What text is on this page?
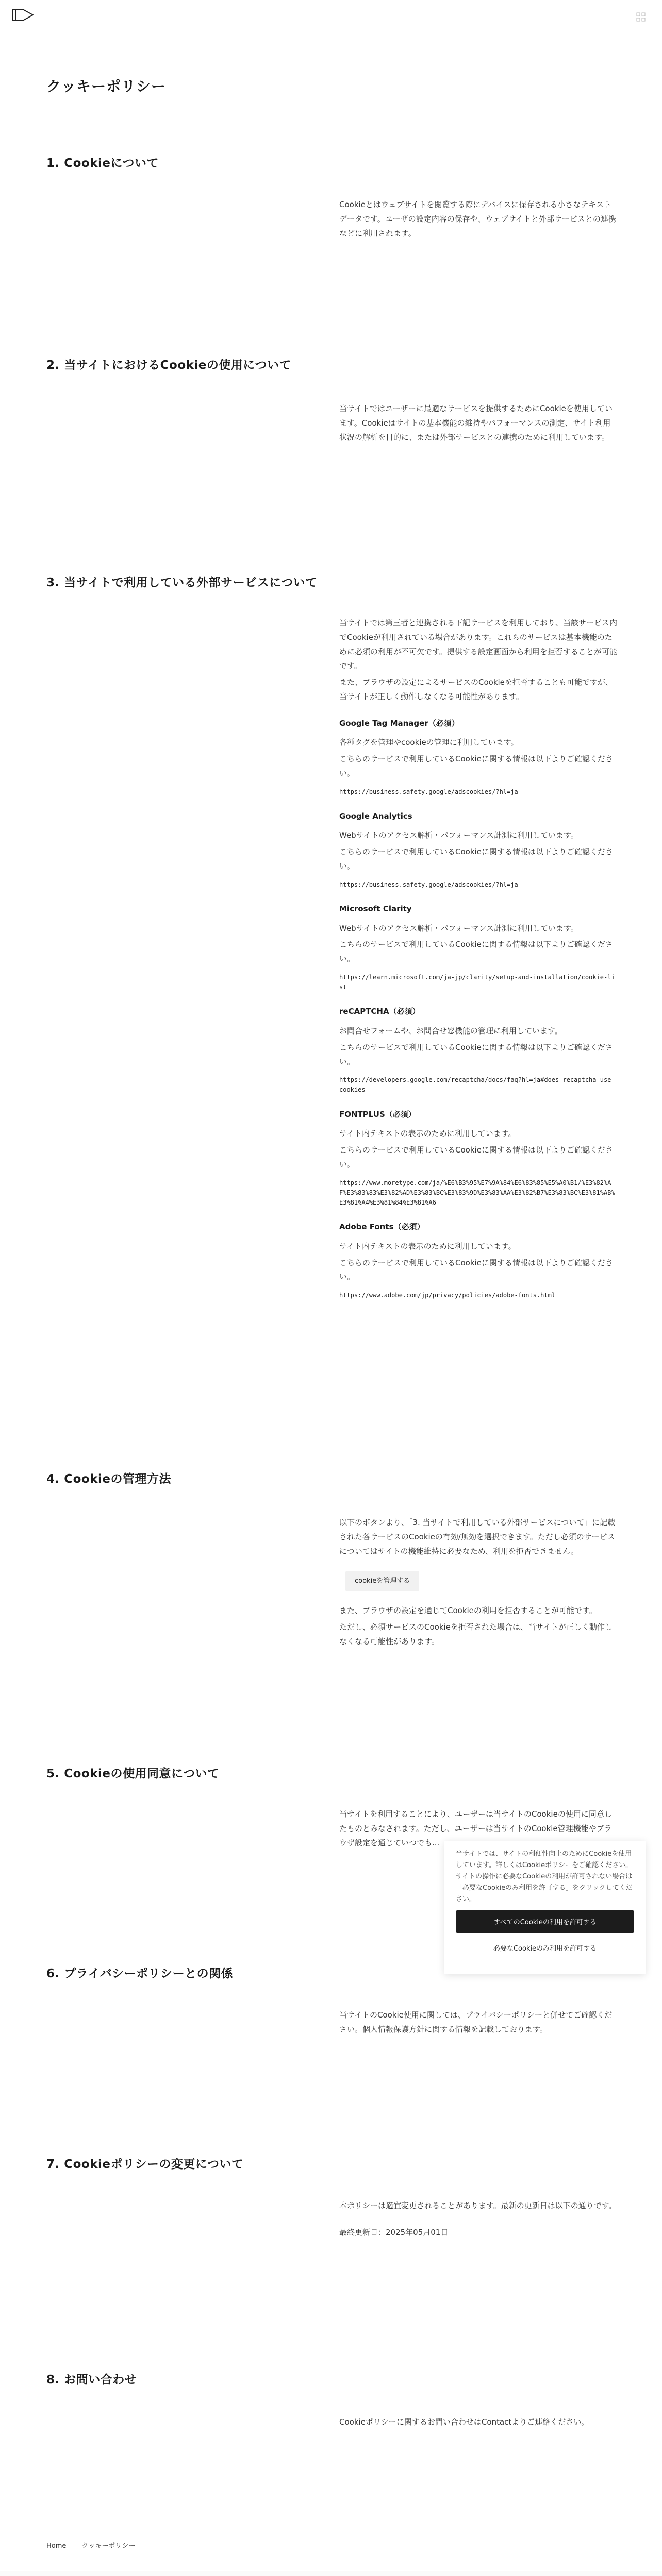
クッキーポリシー
1. Cookieについて

Cookieとはウェブサイトを閲覧する際にデバイスに保存される小さなテキストデータです。ユーザの設定内容の保存や、ウェブサイトと外部サービスとの連携などに利用されます。

2. 当サイトにおけるCookieの使用について

当サイトではユーザーに最適なサービスを提供するためにCookieを使用しています。Cookieはサイトの基本機能の維持やパフォーマンスの測定、サイト利用状況の解析を目的に、または外部サービスとの連携のために利用しています。

3. 当サイトで利用している外部サービスについて

当サイトでは第三者と連携される下記サービスを利用しており、当該サービス内でCookieが利用されている場合があります。これらのサービスは基本機能のために必須の利用が不可欠です。提供する設定画面から利用を拒否することが可能です。

また、ブラウザの設定によるサービスのCookieを拒否することも可能ですが、当サイトが正しく動作しなくなる可能性があります。

Google Tag Manager（必須）

各種タグを管理やcookieの管理に利用しています。

こちらのサービスで利用しているCookieに関する情報は以下よりご確認ください。

https://business.safety.google/adscookies/?hl=ja
Google Analytics

Webサイトのアクセス解析・パフォーマンス計測に利用しています。

こちらのサービスで利用しているCookieに関する情報は以下よりご確認ください。

https://business.safety.google/adscookies/?hl=ja
Microsoft Clarity

Webサイトのアクセス解析・パフォーマンス計測に利用しています。

こちらのサービスで利用しているCookieに関する情報は以下よりご確認ください。

https://learn.microsoft.com/ja-jp/clarity/setup-and-installation/cookie-list
reCAPTCHA（必須）

お問合せフォームや、お問合せ窓機能の管理に利用しています。

こちらのサービスで利用しているCookieに関する情報は以下よりご確認ください。

https://developers.google.com/recaptcha/docs/faq?hl=ja#does-recaptcha-use-cookies
FONTPLUS（必須）

サイト内テキストの表示のために利用しています。

こちらのサービスで利用しているCookieに関する情報は以下よりご確認ください。

https://www.moretype.com/ja/%E6%B3%95%E7%9A%84%E6%83%85%E5%A0%B1/%E3%82%AF%E3%83%83%E3%82%AD%E3%83%BC%E3%83%9D%E3%83%AA%E3%82%B7%E3%83%BC%E3%81%AB%E3%81%A4%E3%81%84%E3%81%A6
Adobe Fonts（必須）

サイト内テキストの表示のために利用しています。

こちらのサービスで利用しているCookieに関する情報は以下よりご確認ください。

https://www.adobe.com/jp/privacy/policies/adobe-fonts.html
4. Cookieの管理方法

以下のボタンより、「3. 当サイトで利用している外部サービスについて」に記載された各サービスのCookieの有効/無効を選択できます。ただし必須のサービスについてはサイトの機能維持に必要なため、利用を拒否できません。

cookieを管理する

また、ブラウザの設定を通じてCookieの利用を拒否することが可能です。

ただし、必須サービスのCookieを拒否された場合は、当サイトが正しく動作しなくなる可能性があります。

5. Cookieの使用同意について

当サイトを利用することにより、ユーザーは当サイトのCookieの使用に同意したものとみなされます。ただし、ユーザーは当サイトのCookie管理機能やブラウザ設定を通じていつでも...

6. プライバシーポリシーとの関係

当サイトのCookie使用に関しては、プライバシーポリシーと併せてご確認ください。個人情報保護方針に関する情報を記載しております。

7. Cookieポリシーの変更について

本ポリシーは適宜変更されることがあります。最新の更新日は以下の通りです。

最終更新日：2025年05月01日

8. お問い合わせ

Cookieポリシーに関するお問い合わせはContactよりご連絡ください。

Home クッキーポリシー

当サイトでは、サイトの利便性向上のためにCookieを使用しています。詳しくはCookieポリシーをご確認ください。サイトの操作に必要なCookieの利用が許可されない場合は「必要なCookieのみ利用を許可する」をクリックしてください。

すべてのCookieの利用を許可する
必要なCookieのみ利用を許可する
